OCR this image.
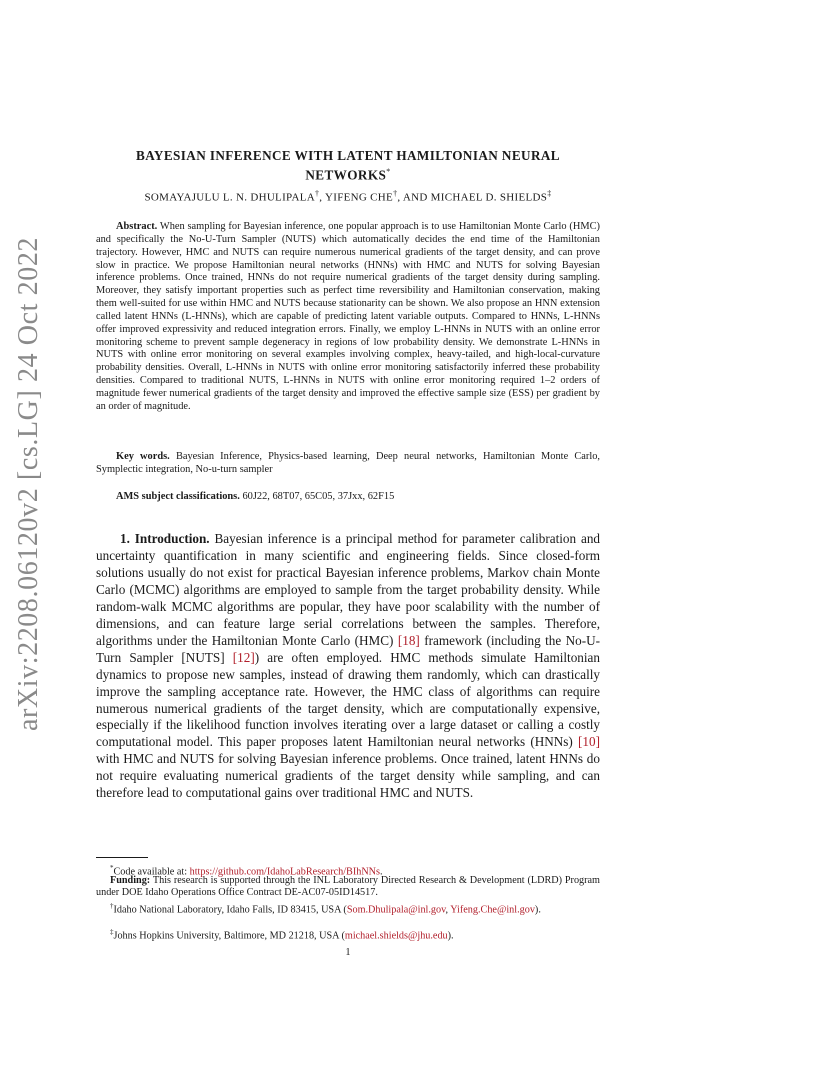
arXiv:2208.06120v2 [cs.LG] 24 Oct 2022
BAYESIAN INFERENCE WITH LATENT HAMILTONIAN NEURAL NETWORKS*
SOMAYAJULU L. N. DHULIPALA†, YIFENG CHE†, AND MICHAEL D. SHIELDS‡

Abstract. When sampling for Bayesian inference, one popular approach is to use Hamiltonian Monte Carlo (HMC) and specifically the No-U-Turn Sampler (NUTS) which automatically decides the end time of the Hamiltonian trajectory. However, HMC and NUTS can require numerous numerical gradients of the target density, and can prove slow in practice. We propose Hamiltonian neural networks (HNNs) with HMC and NUTS for solving Bayesian inference problems. Once trained, HNNs do not require numerical gradients of the target density during sampling. Moreover, they satisfy important properties such as perfect time reversibility and Hamiltonian conservation, making them well-suited for use within HMC and NUTS because stationarity can be shown. We also propose an HNN extension called latent HNNs (L-HNNs), which are capable of predicting latent variable outputs. Compared to HNNs, L-HNNs offer improved expressivity and reduced integration errors. Finally, we employ L-HNNs in NUTS with an online error monitoring scheme to prevent sample degeneracy in regions of low probability density. We demonstrate L-HNNs in NUTS with online error monitoring on several examples involving complex, heavy-tailed, and high-local-curvature probability densities. Overall, L-HNNs in NUTS with online error monitoring satisfactorily inferred these probability densities. Compared to traditional NUTS, L-HNNs in NUTS with online error monitoring required 1–2 orders of magnitude fewer numerical gradients of the target density and improved the effective sample size (ESS) per gradient by an order of magnitude.

Key words. Bayesian Inference, Physics-based learning, Deep neural networks, Hamiltonian Monte Carlo, Symplectic integration, No-u-turn sampler

AMS subject classifications. 60J22, 68T07, 65C05, 37Jxx, 62F15

1. Introduction. Bayesian inference is a principal method for parameter calibration and uncertainty quantification in many scientific and engineering fields. Since closed-form solutions usually do not exist for practical Bayesian inference problems, Markov chain Monte Carlo (MCMC) algorithms are employed to sample from the target probability density. While random-walk MCMC algorithms are popular, they have poor scalability with the number of dimensions, and can feature large serial correlations between the samples. Therefore, algorithms under the Hamiltonian Monte Carlo (HMC) [18] framework (including the No-U-Turn Sampler [NUTS] [12]) are often employed. HMC methods simulate Hamiltonian dynamics to propose new samples, instead of drawing them randomly, which can drastically improve the sampling acceptance rate. However, the HMC class of algorithms can require numerous numerical gradients of the target density, which are computationally expensive, especially if the likelihood function involves iterating over a large dataset or calling a costly computational model. This paper proposes latent Hamiltonian neural networks (HNNs) [10] with HMC and NUTS for solving Bayesian inference problems. Once trained, latent HNNs do not require evaluating numerical gradients of the target density while sampling, and can therefore lead to computational gains over traditional HMC and NUTS.

*Code available at: https://github.com/IdahoLabResearch/BIhNNs.

Funding: This research is supported through the INL Laboratory Directed Research & Development (LDRD) Program under DOE Idaho Operations Office Contract DE-AC07-05ID14517.

†Idaho National Laboratory, Idaho Falls, ID 83415, USA (Som.Dhulipala@inl.gov, Yifeng.Che@inl.gov).

‡Johns Hopkins University, Baltimore, MD 21218, USA (michael.shields@jhu.edu).

1
